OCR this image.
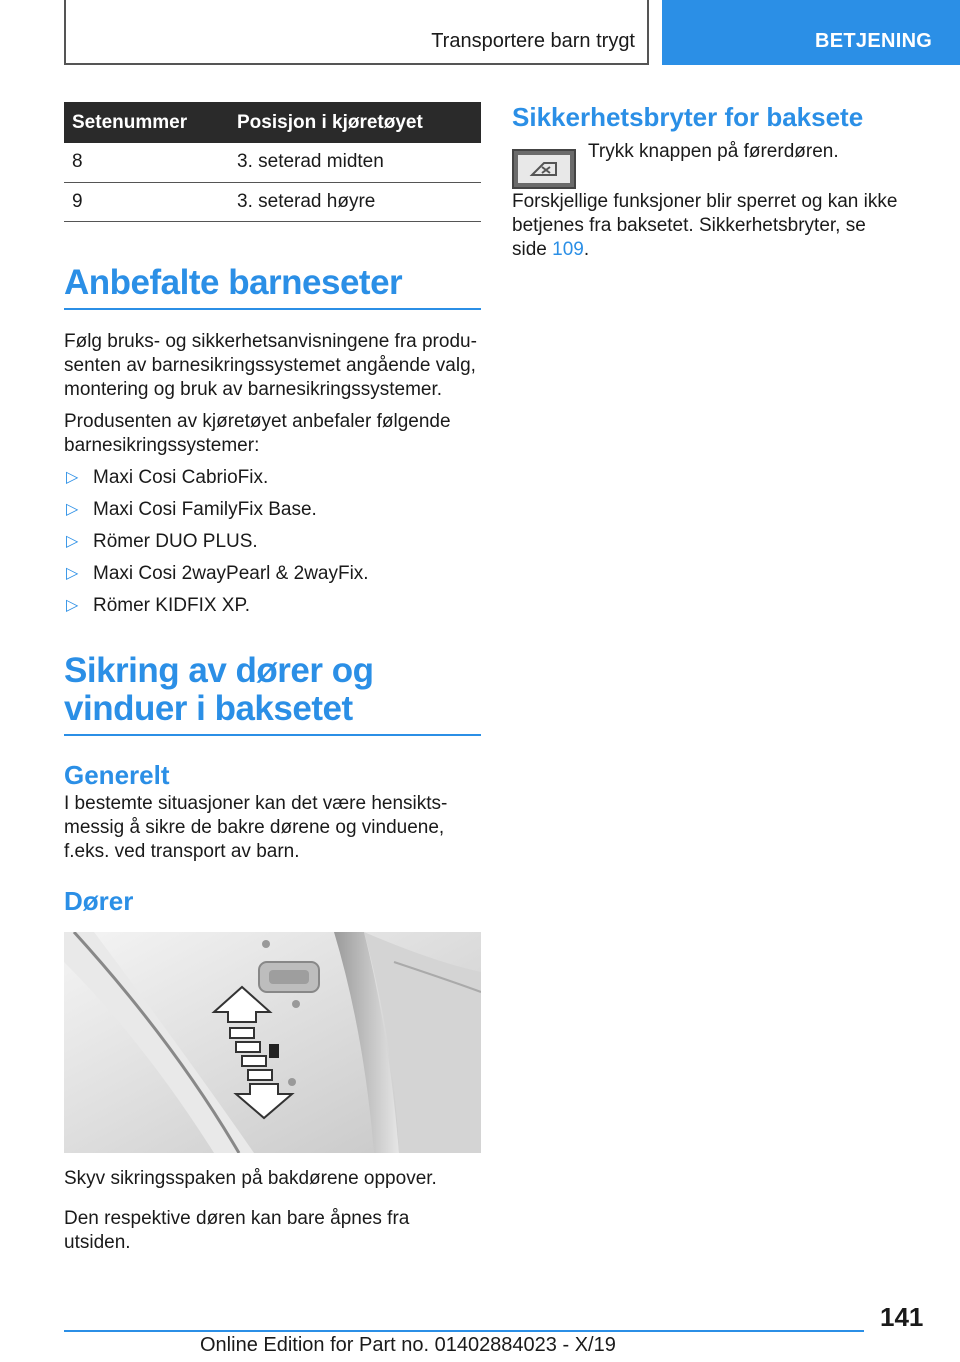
Transportere barn trygt	BETJENING
Setenummer	Posisjon i kjøretøyet
8	3. seterad midten
9	3. seterad høyre
Anbefalte barneseter

Følg bruks- og sikkerhetsanvisningene fra produsenten av barnesikringssystemet angående valg, montering og bruk av barnesikringssystemer.

Produsenten av kjøretøyet anbefaler følgende barnesikringssystemer:

▷ Maxi Cosi CabrioFix.
▷ Maxi Cosi FamilyFix Base.
▷ Römer DUO PLUS.
▷ Maxi Cosi 2wayPearl & 2wayFix.
▷ Römer KIDFIX XP.
Sikring av dører og vinduer i baksetet
Generelt

I bestemte situasjoner kan det være hensiktsmessig å sikre de bakre dørene og vinduene, f.eks. ved transport av barn.

Dører

Skyv sikringsspaken på bakdørene oppover.

Den respektive døren kan bare åpnes fra utsiden.

Sikkerhetsbryter for baksete

Trykk knappen på førerdøren.

Forskjellige funksjoner blir sperret og kan ikke betjenes fra baksetet. Sikkerhetsbryter, se side 109.

141
Online Edition for Part no. 01402884023 - X/19
